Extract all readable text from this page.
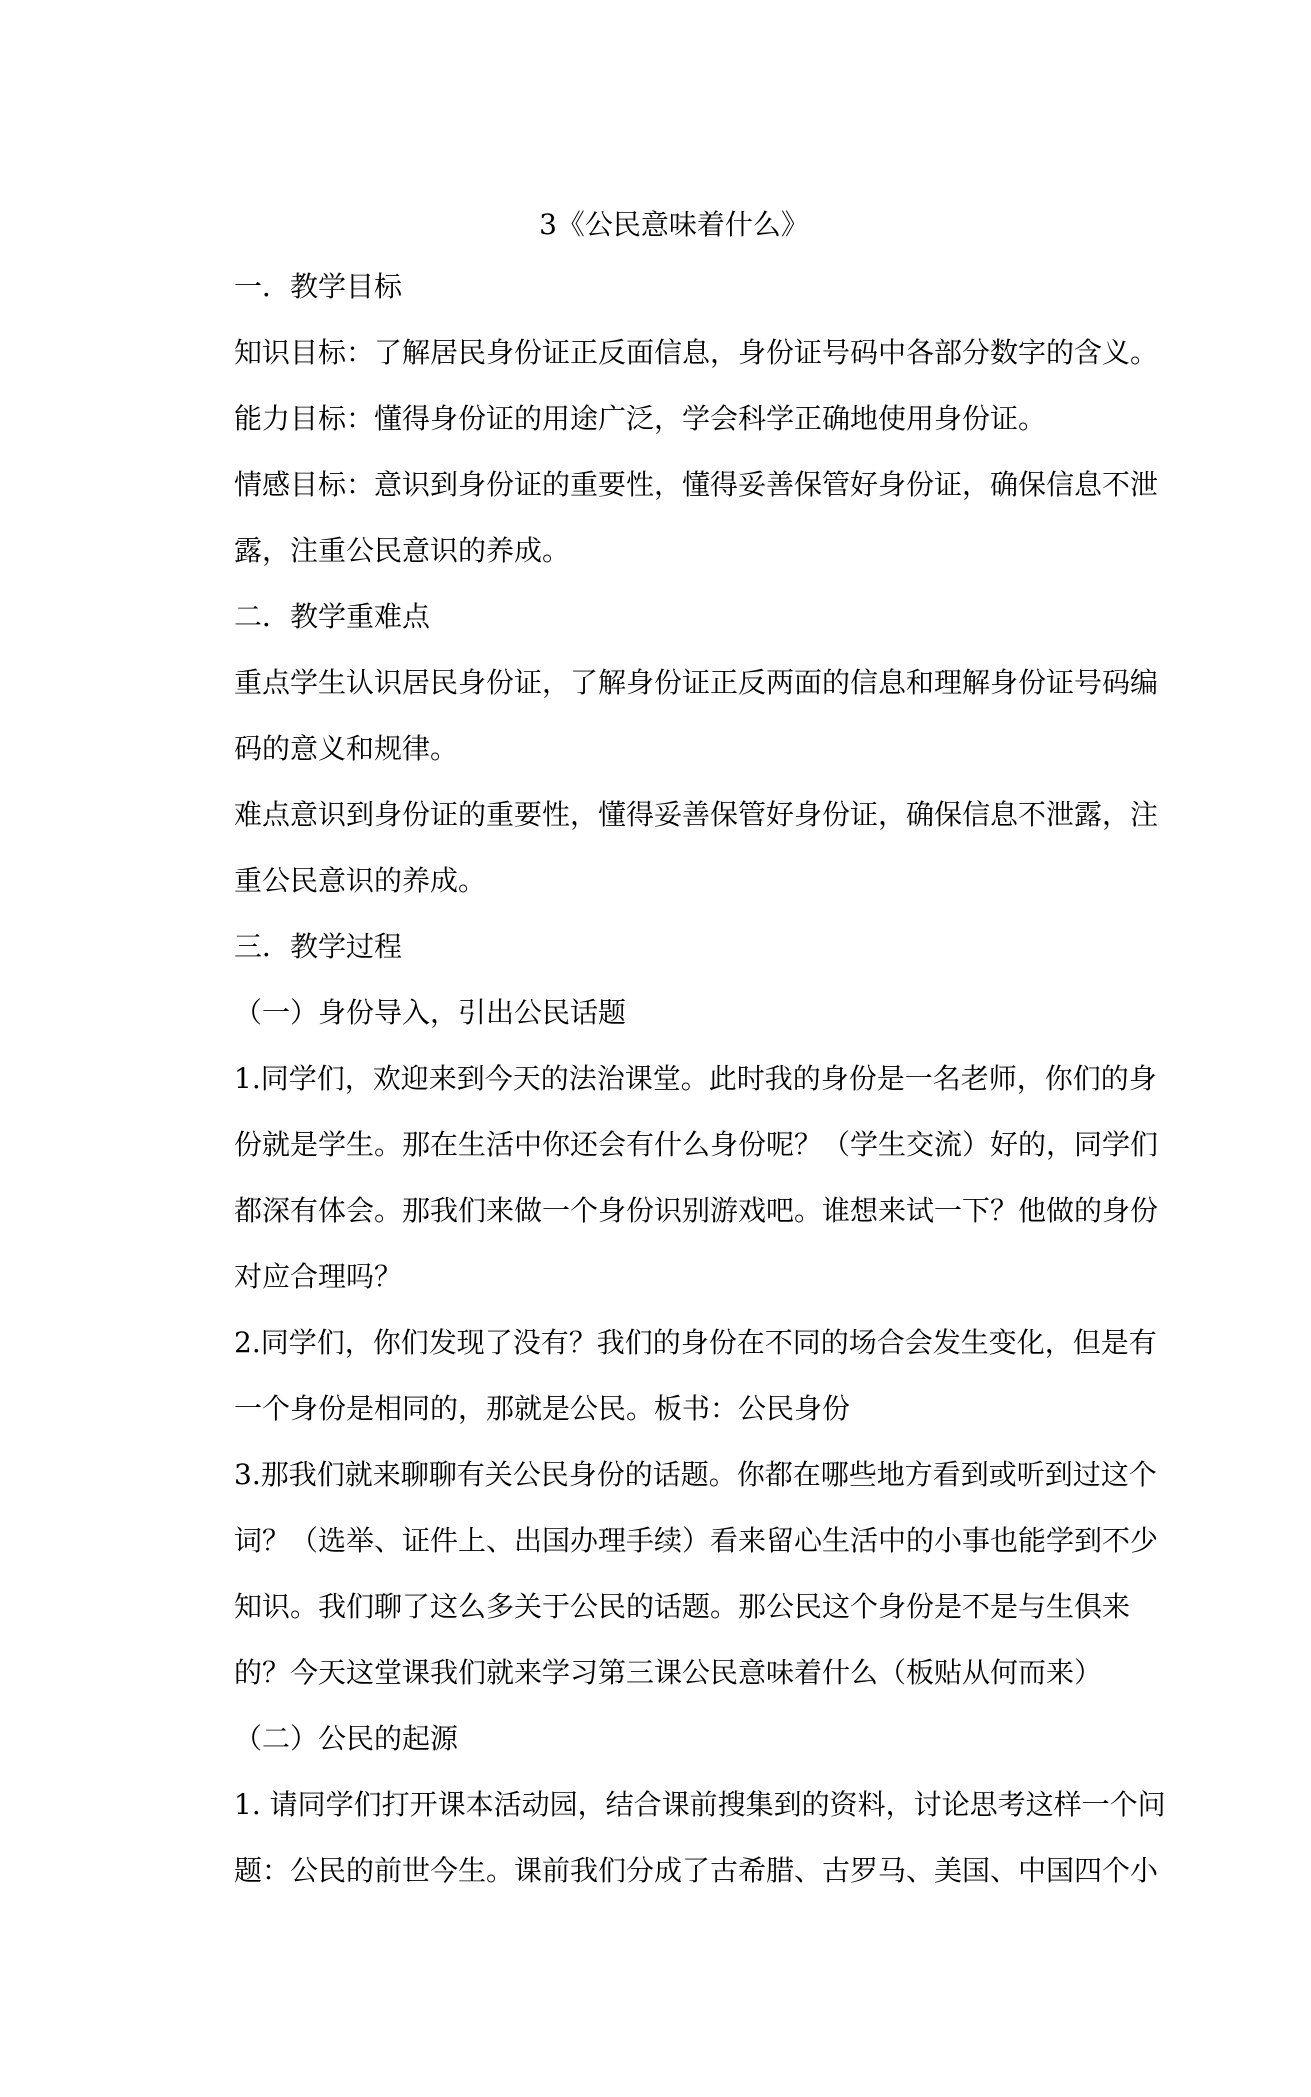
3《公民意味着什么》
一．教学目标
知识目标：了解居民身份证正反面信息，身份证号码中各部分数字的含义。
能力目标：懂得身份证的用途广泛，学会科学正确地使用身份证。
情感目标：意识到身份证的重要性，懂得妥善保管好身份证，确保信息不泄
露，注重公民意识的养成。
二．教学重难点
重点学生认识居民身份证，了解身份证正反两面的信息和理解身份证号码编
码的意义和规律。
难点意识到身份证的重要性，懂得妥善保管好身份证，确保信息不泄露，注
重公民意识的养成。
三．教学过程
（一）身份导入，引出公民话题
1.同学们，欢迎来到今天的法治课堂。此时我的身份是一名老师，你们的身
份就是学生。那在生活中你还会有什么身份呢？（学生交流）好的，同学们
都深有体会。那我们来做一个身份识别游戏吧。谁想来试一下？他做的身份
对应合理吗？
2.同学们，你们发现了没有？我们的身份在不同的场合会发生变化，但是有
一个身份是相同的，那就是公民。板书：公民身份
3.那我们就来聊聊有关公民身份的话题。你都在哪些地方看到或听到过这个
词？（选举、证件上、出国办理手续）看来留心生活中的小事也能学到不少
知识。我们聊了这么多关于公民的话题。那公民这个身份是不是与生俱来
的？今天这堂课我们就来学习第三课公民意味着什么（板贴从何而来）
（二）公民的起源
1. 请同学们打开课本活动园，结合课前搜集到的资料，讨论思考这样一个问
题：公民的前世今生。课前我们分成了古希腊、古罗马、美国、中国四个小
